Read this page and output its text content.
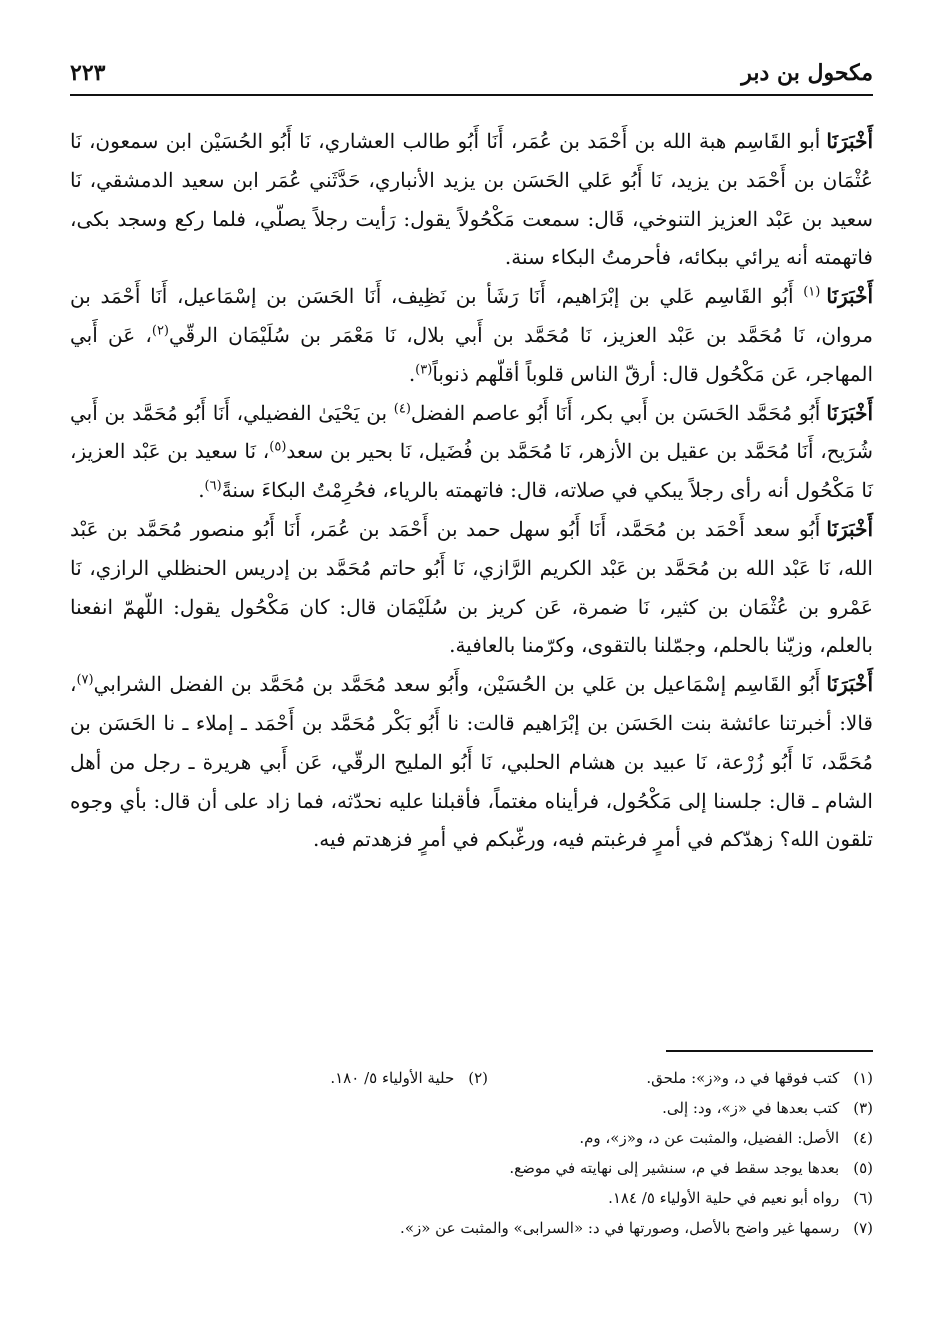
مكحول بن دبر
٢٢٣

أَخْبَرَنَاأبو القَاسِم هبة الله بن أَحْمَد بن عُمَر، أَنَا أَبُو طالب العشاري، نَا أَبُو الحُسَيْن ابن سمعون، نَا عُثْمَان بن أَحْمَد بن يزيد، نَا أَبُو عَلي الحَسَن بن يزيد الأنباري، حَدَّثَني عُمَر ابن سعيد الدمشقي، نَا سعيد بن عَبْد العزيز التنوخي، قَال: سمعت مَكْحُولاً يقول: رَأيت رجلاً يصلّي، فلما ركع وسجد بكى، فاتهمته أنه يرائي ببكائه، فأحرمتُ البكاء سنة.

أَخْبَرَنَا$^{(١)}$ أَبُو القَاسِم عَلي بن إبْرَاهيم، أَنَا رَشَأ بن نَظِيف، أَنَا الحَسَن بن إسْمَاعيل، أَنَا أَحْمَد بن مروان، نَا مُحَمَّد بن عَبْد العزيز، نَا مُحَمَّد بن أَبي بلال، نَا مَعْمَر بن سُلَيْمَان الرقّي$^{(٢)}$، عَن أَبي المهاجر، عَن مَكْحُول قال: أرقّ الناس قلوباً أقلّهم ذنوباً$^{(٣)}$.

أَخْبَرَنَاأَبُو مُحَمَّد الحَسَن بن أَبي بكر، أَنَا أَبُو عاصم الفضل$^{(٤)}$ بن يَحْيَىٰ الفضيلي، أَنَا أَبُو مُحَمَّد بن أَبي شُرَيح، أَنَا مُحَمَّد بن عقيل بن الأزهر، نَا مُحَمَّد بن فُضَيل، نَا بحير بن سعد$^{(٥)}$، نَا سعيد بن عَبْد العزيز، نَا مَكْحُول أنه رأى رجلاً يبكي في صلاته، قال: فاتهمته بالرياء، فحُرِمْتُ البكاءَ سنةً$^{(٦)}$.

أَخْبَرَنَاأَبُو سعد أَحْمَد بن مُحَمَّد، أَنَا أَبُو سهل حمد بن أَحْمَد بن عُمَر، أَنَا أَبُو منصور مُحَمَّد بن عَبْد الله، نَا عَبْد الله بن مُحَمَّد بن عَبْد الكريم الرَّازي، نَا أَبُو حاتم مُحَمَّد بن إدريس الحنظلي الرازي، نَا عَمْرو بن عُثْمَان بن كثير، نَا ضمرة، عَن كريز بن سُلَيْمَان قال: كان مَكْحُول يقول: اللّهمّ انفعنا بالعلم، وزيّنا بالحلم، وجمّلنا بالتقوى، وكرّمنا بالعافية.

أَخْبَرَنَاأَبُو القَاسِم إسْمَاعيل بن عَلي بن الحُسَيْن، وأَبُو سعد مُحَمَّد بن مُحَمَّد بن الفضل الشرابي$^{(٧)}$، قالا: أخبرتنا عائشة بنت الحَسَن بن إبْرَاهيم قالت: نا أَبُو بَكْر مُحَمَّد بن أَحْمَد ـ إملاء ـ نا الحَسَن بن مُحَمَّد، نَا أَبُو زُرْعة، نَا عبيد بن هشام الحلبي، نَا أَبُو المليح الرقّي، عَن أَبي هريرة ـ رجل من أهل الشام ـ قال: جلسنا إلى مَكْحُول، فرأيناه مغتماً، فأقبلنا عليه نحدّثه، فما زاد على أن قال: بأي وجوه تلقون الله؟ زهدّكم في أمرٍ فرغبتم فيه، ورغّبكم في أمرٍ فزهدتم فيه.

(١)كتب فوقها في د، و«ز»: ملحق.
(٢)حلية الأولياء ٥/ ١٨٠.
(٣)كتب بعدها في «ز»، ود: إلى.
(٤)الأصل: الفضيل، والمثبت عن د، و«ز»، وم.
(٥)بعدها يوجد سقط في م، سنشير إلى نهايته في موضع.
(٦)رواه أبو نعيم في حلية الأولياء ٥/ ١٨٤.
(٧)رسمها غير واضح بالأصل، وصورتها في د: «السرابى» والمثبت عن «ز».
